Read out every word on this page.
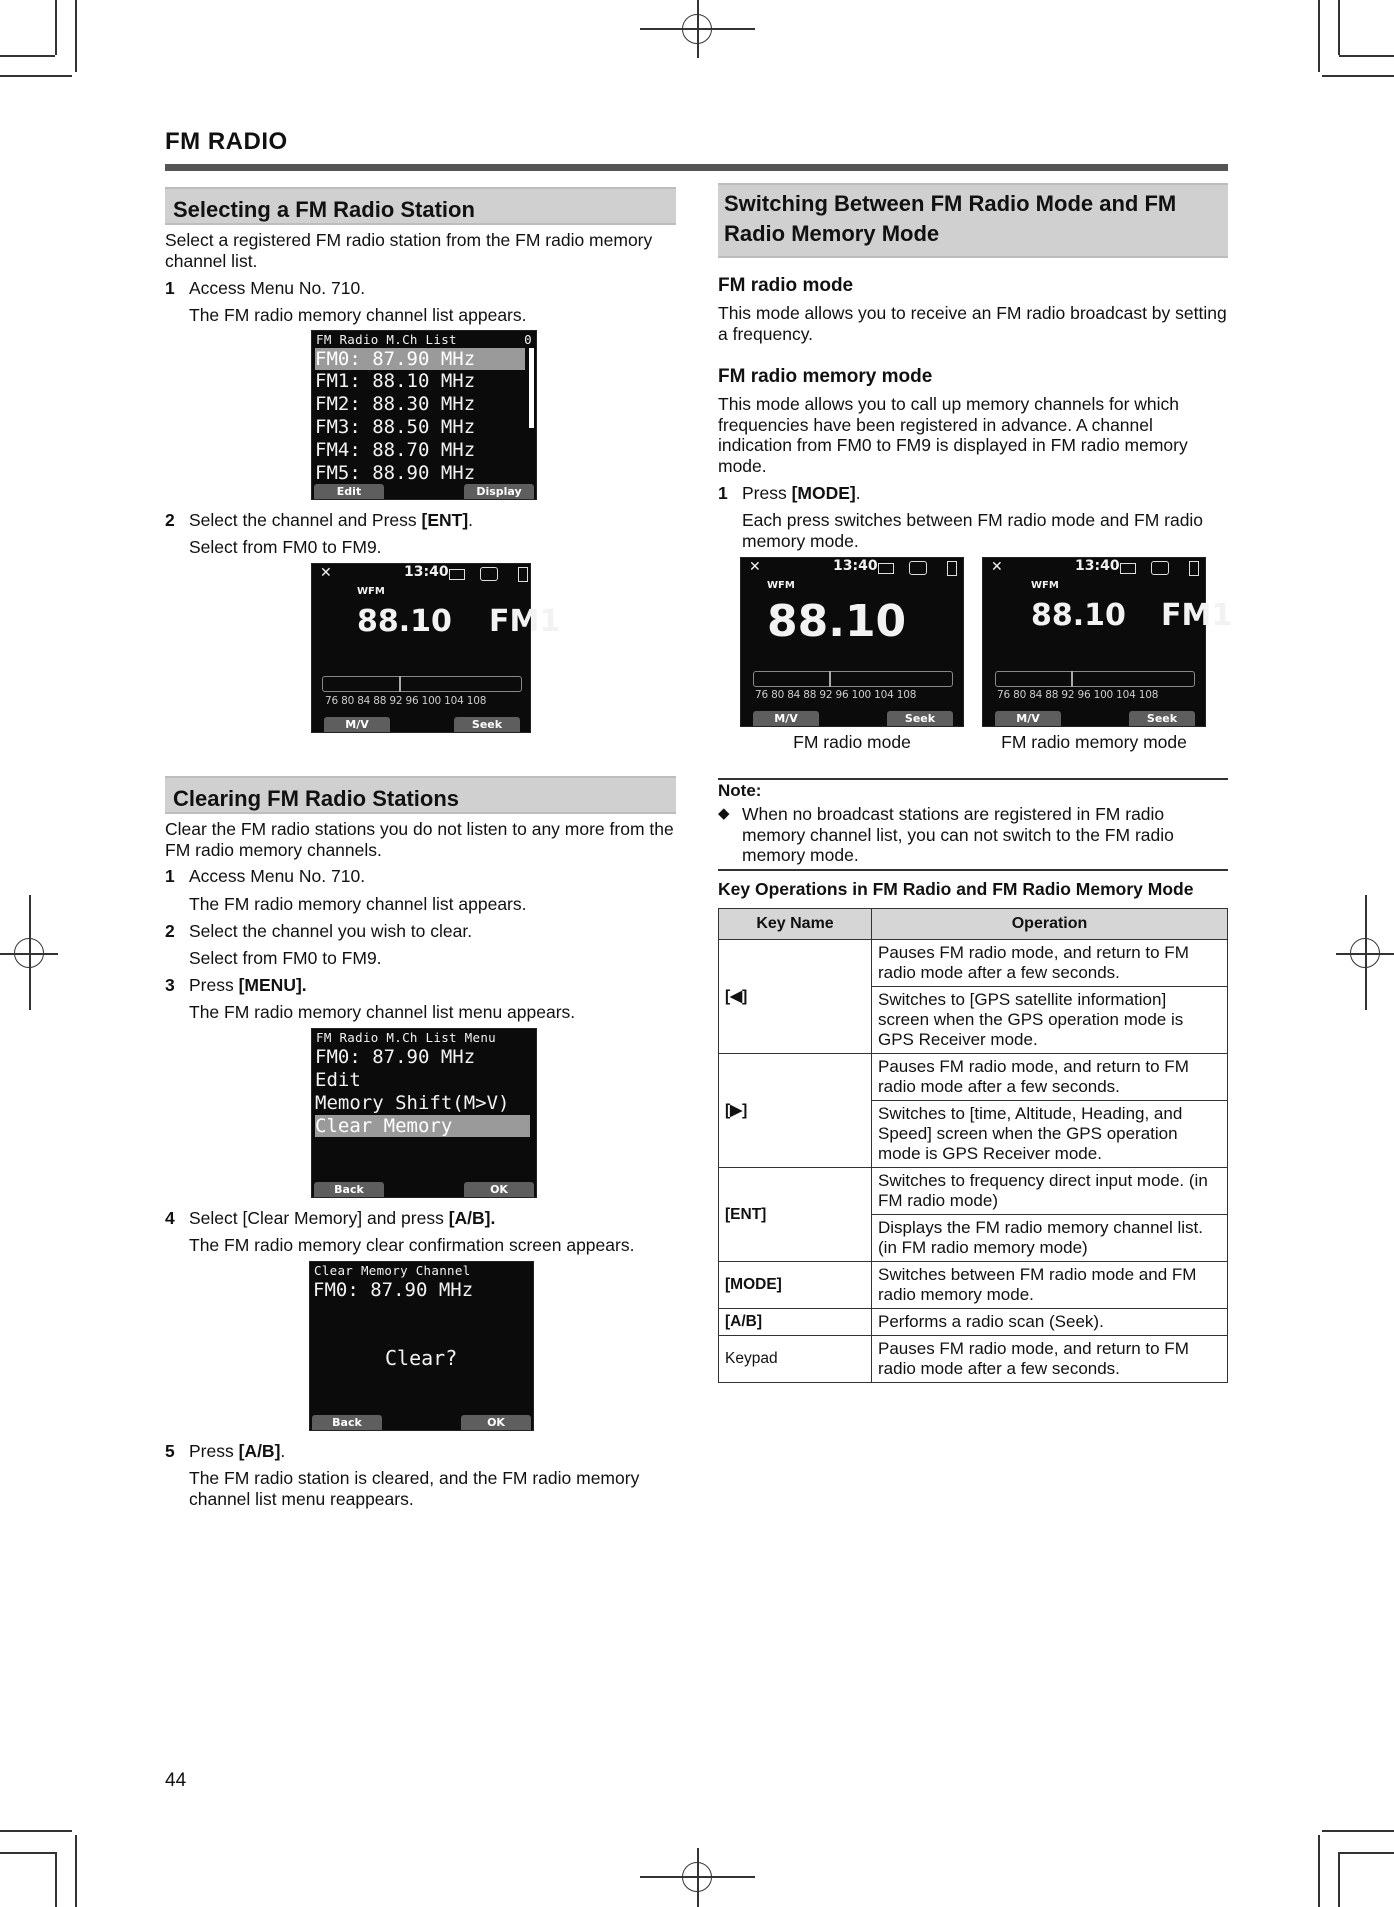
FM RADIO
Selecting a FM Radio Station
Select a registered FM radio station from the FM radio memory channel list.
1 Access Menu No. 710.
The FM radio memory channel list appears.
FM Radio M.Ch List	0
FM0: 87.90 MHz
FM1: 88.10 MHz
FM2: 88.30 MHz
FM3: 88.50 MHz
FM4: 88.70 MHz
FM5: 88.90 MHz
Edit	Display
2 Select the channel and Press [ENT].
Select from FM0 to FM9.
✕	13:40
WFM
88.10 FM1
76 80 84 88 92 96 100 104 108
M/V	Seek
Clearing FM Radio Stations
Clear the FM radio stations you do not listen to any more from the FM radio memory channels.
1 Access Menu No. 710.
The FM radio memory channel list appears.
2 Select the channel you wish to clear.
Select from FM0 to FM9.
3 Press [MENU].
The FM radio memory channel list menu appears.
FM Radio M.Ch List Menu
FM0: 87.90 MHz
Edit
Memory Shift(M>V)
Clear Memory
Back	OK
4 Select [Clear Memory] and press [A/B].
The FM radio memory clear confirmation screen appears.
Clear Memory Channel
FM0: 87.90 MHz
Clear?
Back	OK
5 Press [A/B].
The FM radio station is cleared, and the FM radio memory channel list menu reappears.
Switching Between FM Radio Mode and FM Radio Memory Mode
FM radio mode
This mode allows you to receive an FM radio broadcast by setting a frequency.
FM radio memory mode
This mode allows you to call up memory channels for which frequencies have been registered in advance. A channel indication from FM0 to FM9 is displayed in FM radio memory mode.
1 Press [MODE].
Each press switches between FM radio mode and FM radio memory mode.
✕	13:40
WFM
88.10
76 80 84 88 92 96 100 104 108
M/V	Seek
✕	13:40
WFM
88.10 FM1
76 80 84 88 92 96 100 104 108
M/V	Seek
FM radio mode	FM radio memory mode
Note:
◆ When no broadcast stations are registered in FM radio memory channel list, you can not switch to the FM radio memory mode.
Key Operations in FM Radio and FM Radio Memory Mode
Key Name	Operation
[◀]	Pauses FM radio mode, and return to FM radio mode after a few seconds.
	Switches to [GPS satellite information] screen when the GPS operation mode is GPS Receiver mode.
[▶]	Pauses FM radio mode, and return to FM radio mode after a few seconds.
	Switches to [time, Altitude, Heading, and Speed] screen when the GPS operation mode is GPS Receiver mode.
[ENT]	Switches to frequency direct input mode. (in FM radio mode)
	Displays the FM radio memory channel list. (in FM radio memory mode)
[MODE]	Switches between FM radio mode and FM radio memory mode.
[A/B]	Performs a radio scan (Seek).
Keypad	Pauses FM radio mode, and return to FM radio mode after a few seconds.
44
